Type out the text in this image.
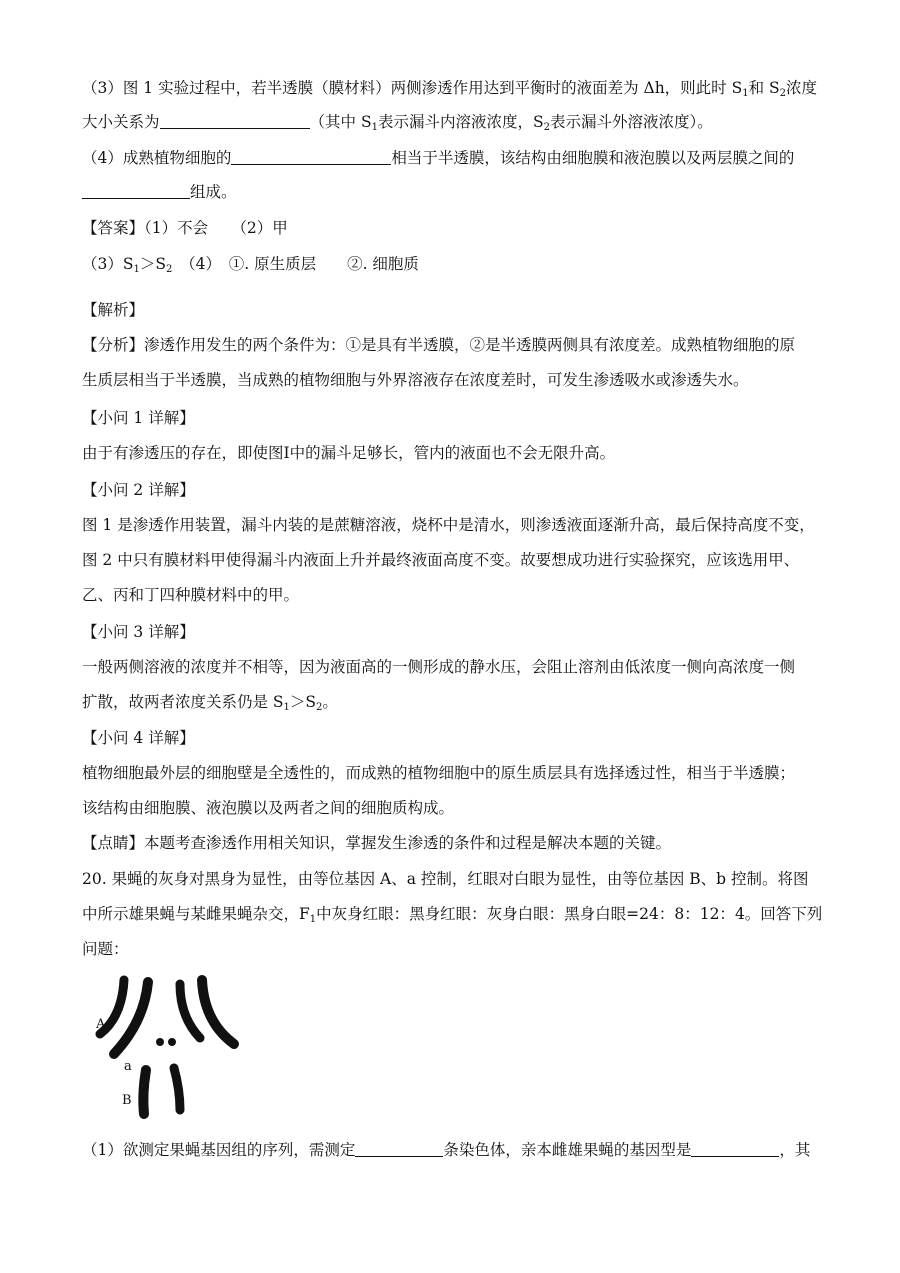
（3）图 1 实验过程中，若半透膜（膜材料）两侧渗透作用达到平衡时的液面差为 Δh，则此时 $S_1$和 $S_2$浓度
大小关系为	（其中 $S_1$表示漏斗内溶液浓度，$S_2$表示漏斗外溶液浓度）。
（4）成熟植物细胞的	相当于半透膜，该结构由细胞膜和液泡膜以及两层膜之间的
组成。
【答案】（1）不会　　（2）甲
$(3)S_1>S_2$　（4）　①. 原生质层　　②. 细胞质
【解析】
【分析】渗透作用发生的两个条件为：①是具有半透膜，②是半透膜两侧具有浓度差。成熟植物细胞的原
生质层相当于半透膜，当成熟的植物细胞与外界溶液存在浓度差时，可发生渗透吸水或渗透失水。
【小问 1 详解】
由于有渗透压的存在，即使图Ⅰ中的漏斗足够长，管内的液面也不会无限升高。
【小问 2 详解】
图 1 是渗透作用装置，漏斗内装的是蔗糖溶液，烧杯中是清水，则渗透液面逐渐升高，最后保持高度不变，
图 2 中只有膜材料甲使得漏斗内液面上升并最终液面高度不变。故要想成功进行实验探究，应该选用甲、
乙、丙和丁四种膜材料中的甲。
【小问 3 详解】
一般两侧溶液的浓度并不相等，因为液面高的一侧形成的静水压，会阻止溶剂由低浓度一侧向高浓度一侧
扩散，故两者浓度关系仍是 $S_1>S_2$。
【小问 4 详解】
植物细胞最外层的细胞壁是全透性的，而成熟的植物细胞中的原生质层具有选择透过性，相当于半透膜；
该结构由细胞膜、液泡膜以及两者之间的细胞质构成。
【点睛】本题考查渗透作用相关知识，掌握发生渗透的条件和过程是解决本题的关键。
20. 果蝇的灰身对黑身为显性，由等位基因 A、a 控制，红眼对白眼为显性，由等位基因 B、b 控制。将图
中所示雄果蝇与某雌果蝇杂交，$F_1$中灰身红眼：黑身红眼：灰身白眼：黑身白眼=24：8：12：4。回答下列
问题：
A
a
B
（1）欲测定果蝇基因组的序列，需测定	条染色体，亲本雌雄果蝇的基因型是	，其
